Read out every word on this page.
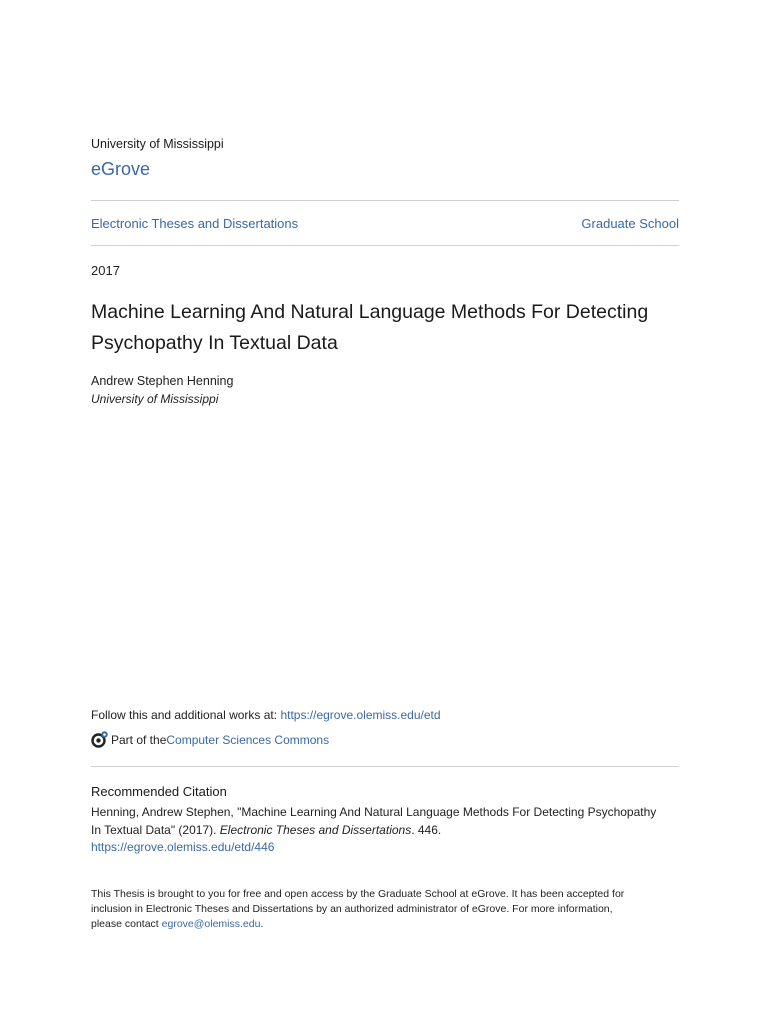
University of Mississippi
eGrove
Electronic Theses and Dissertations	Graduate School
2017
Machine Learning And Natural Language Methods For Detecting
Psychopathy In Textual Data
Andrew Stephen Henning
University of Mississippi
Follow this and additional works at: https://egrove.olemiss.edu/etd
Part of the Computer Sciences Commons
Recommended Citation
Henning, Andrew Stephen, "Machine Learning And Natural Language Methods For Detecting Psychopathy
In Textual Data" (2017). Electronic Theses and Dissertations. 446.
https://egrove.olemiss.edu/etd/446
This Thesis is brought to you for free and open access by the Graduate School at eGrove. It has been accepted for
inclusion in Electronic Theses and Dissertations by an authorized administrator of eGrove. For more information,
please contact egrove@olemiss.edu.
